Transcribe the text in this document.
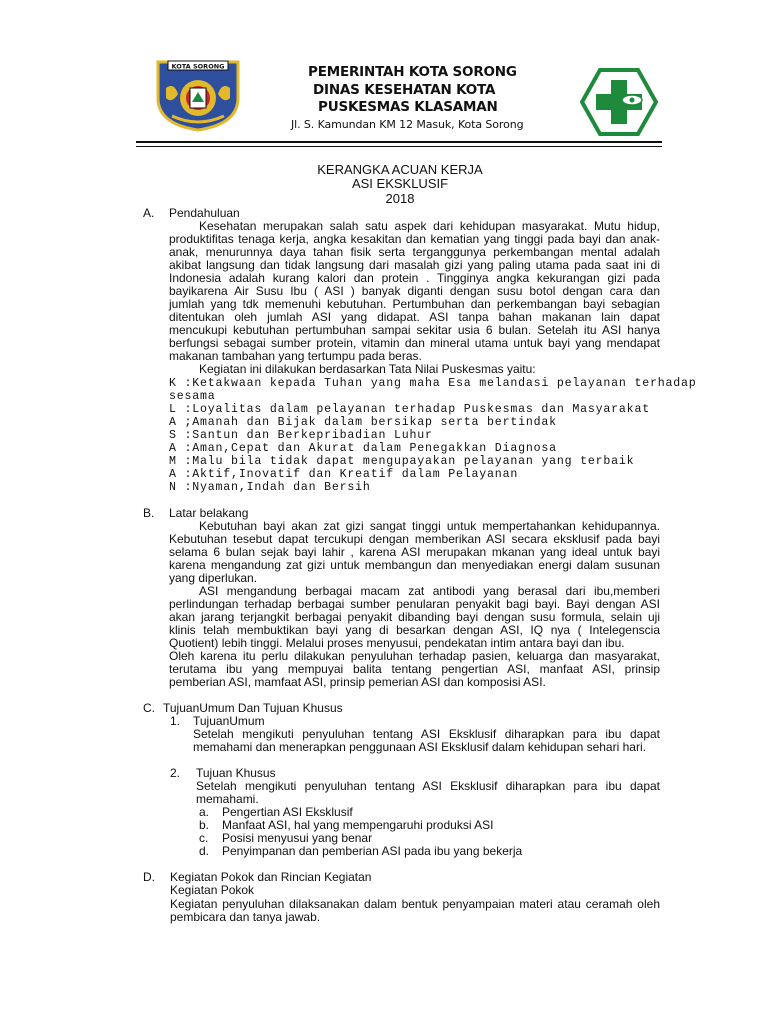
KOTA SORONG	PEMERINTAH KOTA SORONG
DINAS KESEHATAN KOTA
PUSKESMAS KLASAMAN
Jl. S. Kamundan KM 12 Masuk, Kota Sorong
KERANGKA ACUAN KERJA
ASI EKSKLUSIF
2018
A. Pendahuluan
Kesehatan merupakan salah satu aspek dari kehidupan masyarakat. Mutu hidup,
produktifitas tenaga kerja, angka kesakitan dan kematian yang tinggi pada bayi dan anak-
anak, menurunnya daya tahan fisik serta terganggunya perkembangan mental adalah
akibat langsung dan tidak langsung dari masalah gizi yang paling utama pada saat ini di
Indonesia adalah kurang kalori dan protein . Tingginya angka kekurangan gizi pada
bayikarena Air Susu Ibu ( ASI ) banyak diganti dengan susu botol dengan cara dan
jumlah yang tdk memenuhi kebutuhan. Pertumbuhan dan perkembangan bayi sebagian
ditentukan oleh jumlah ASI yang didapat. ASI tanpa bahan makanan lain dapat
mencukupi kebutuhan pertumbuhan sampai sekitar usia 6 bulan. Setelah itu ASI hanya
berfungsi sebagai sumber protein, vitamin dan mineral utama untuk bayi yang mendapat
makanan tambahan yang tertumpu pada beras.
Kegiatan ini dilakukan berdasarkan Tata Nilai Puskesmas yaitu:
K :Ketakwaan kepada Tuhan yang maha Esa melandasi pelayanan terhadap
sesama
L :Loyalitas dalam pelayanan terhadap Puskesmas dan Masyarakat
A ;Amanah dan Bijak dalam bersikap serta bertindak
S :Santun dan Berkepribadian Luhur
A :Aman,Cepat dan Akurat dalam Penegakkan Diagnosa
M :Malu bila tidak dapat mengupayakan pelayanan yang terbaik
A :Aktif,Inovatif dan Kreatif dalam Pelayanan
N :Nyaman,Indah dan Bersih
B. Latar belakang
Kebutuhan bayi akan zat gizi sangat tinggi untuk mempertahankan kehidupannya.
Kebutuhan tesebut dapat tercukupi dengan memberikan ASI secara eksklusif pada bayi
selama 6 bulan sejak bayi lahir , karena ASI merupakan mkanan yang ideal untuk bayi
karena mengandung zat gizi untuk membangun dan menyediakan energi dalam susunan
yang diperlukan.
ASI mengandung berbagai macam zat antibodi yang berasal dari ibu,memberi
perlindungan terhadap berbagai sumber penularan penyakit bagi bayi. Bayi dengan ASI
akan jarang terjangkit berbagai penyakit dibanding bayi dengan susu formula, selain uji
klinis telah membuktikan bayi yang di besarkan dengan ASI, IQ nya ( Intelegenscia
Quotient) lebih tinggi. Melalui proses menyusui, pendekatan intim antara bayi dan ibu.
Oleh karena itu perlu dilakukan penyuluhan terhadap pasien, keluarga dan masyarakat,
terutama ibu yang mempuyai balita tentang pengertian ASI, manfaat ASI, prinsip
pemberian ASI, mamfaat ASI, prinsip pemerian ASI dan komposisi ASI.
C. TujuanUmum Dan Tujuan Khusus
1. TujuanUmum
Setelah mengikuti penyuluhan tentang ASI Eksklusif diharapkan para ibu dapat
memahami dan menerapkan penggunaan ASI Eksklusif dalam kehidupan sehari hari.
2. Tujuan Khusus
Setelah mengikuti penyuluhan tentang ASI Eksklusif diharapkan para ibu dapat
memahami.
a. Pengertian ASI Eksklusif
b. Manfaat ASI, hal yang mempengaruhi produksi ASI
c. Posisi menyusui yang benar
d. Penyimpanan dan pemberian ASI pada ibu yang bekerja
D. Kegiatan Pokok dan Rincian Kegiatan
Kegiatan Pokok
Kegiatan penyuluhan dilaksanakan dalam bentuk penyampaian materi atau ceramah oleh
pembicara dan tanya jawab.
